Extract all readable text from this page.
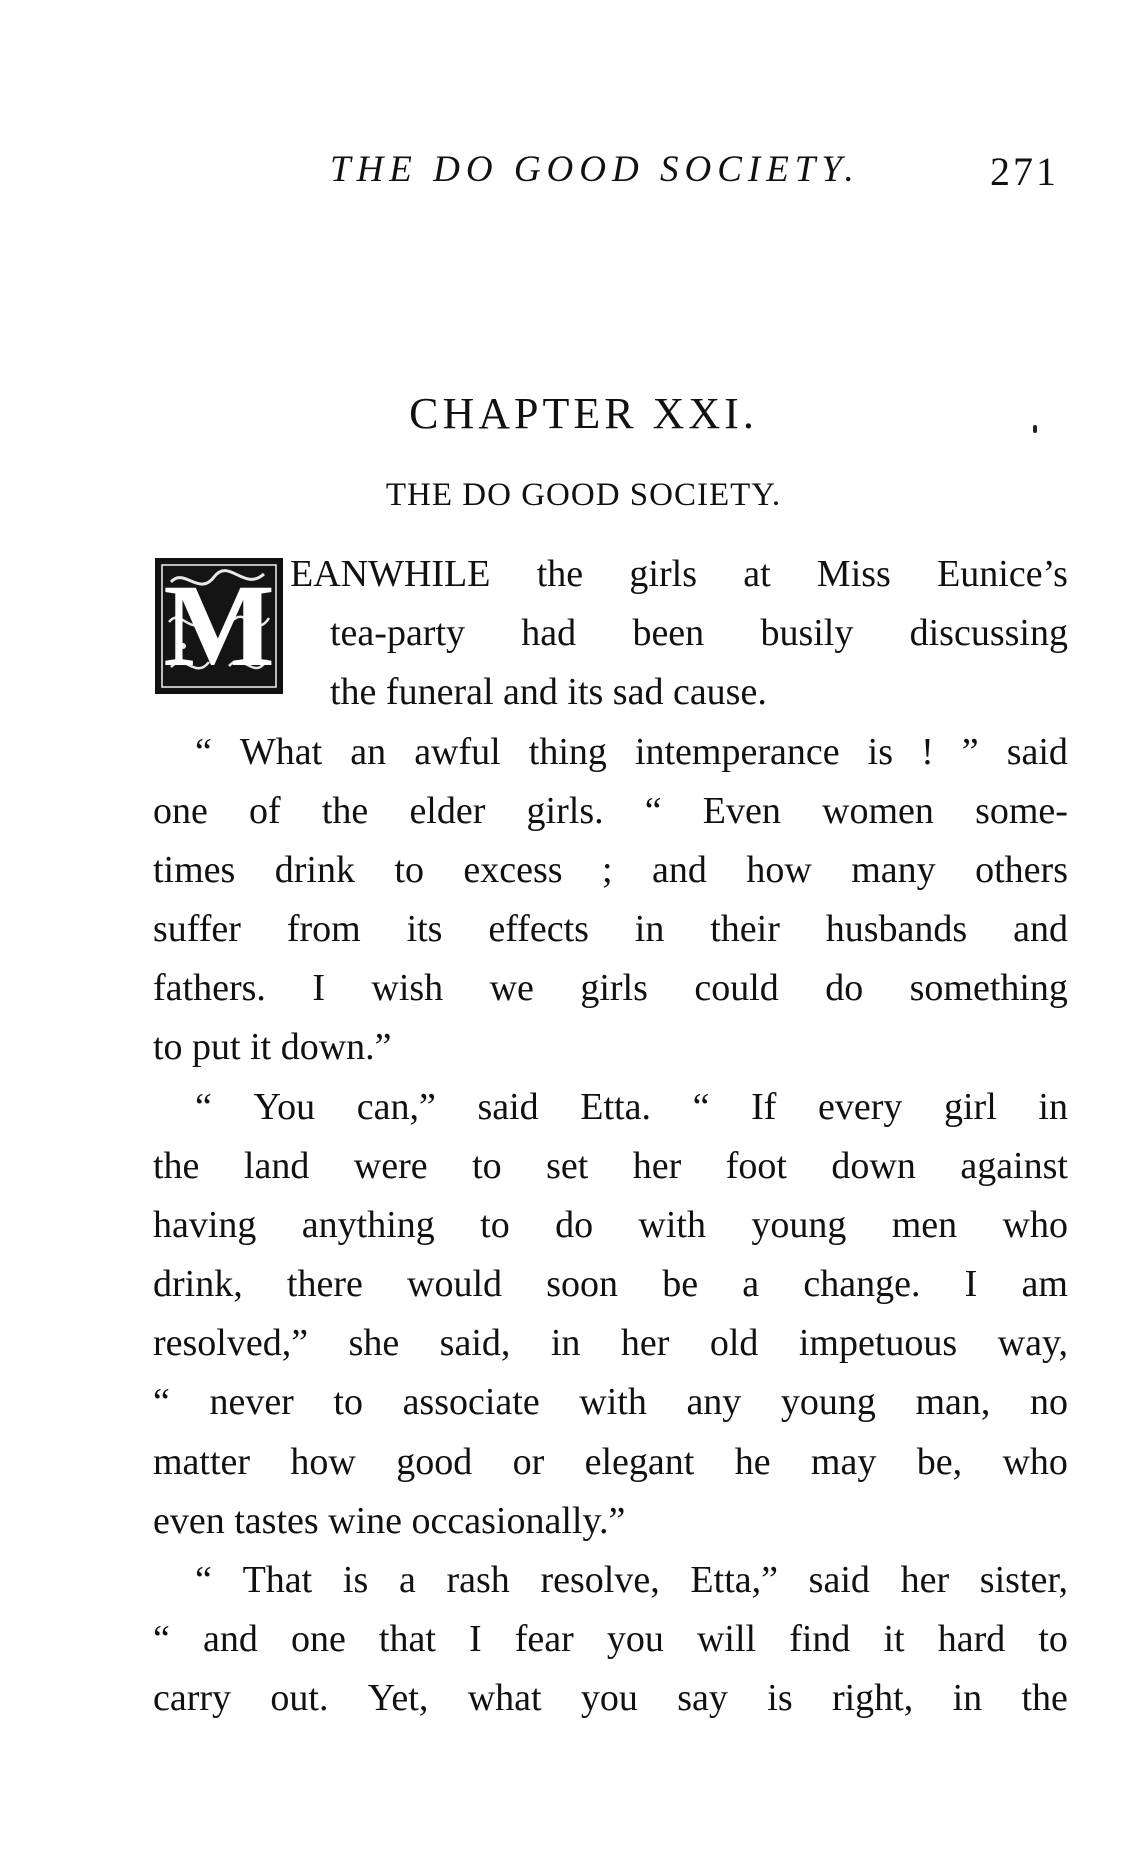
THE DO GOOD SOCIETY.	271
CHAPTER XXI.
THE DO GOOD SOCIETY.
M EANWHILE the girls at Miss Eunice’s
tea-party had been busily discussing
the funeral and its sad cause.
“ What an awful thing intemperance is ! ” said
one of the elder girls. “ Even women some-
times drink to excess ; and how many others
suffer from its effects in their husbands and
fathers. I wish we girls could do something
to put it down.”
“ You can,” said Etta. “ If every girl in
the land were to set her foot down against
having anything to do with young men who
drink, there would soon be a change. I am
resolved,” she said, in her old impetuous way,
“ never to associate with any young man, no
matter how good or elegant he may be, who
even tastes wine occasionally.”
“ That is a rash resolve, Etta,” said her sister,
“ and one that I fear you will find it hard to
carry out. Yet, what you say is right, in the
